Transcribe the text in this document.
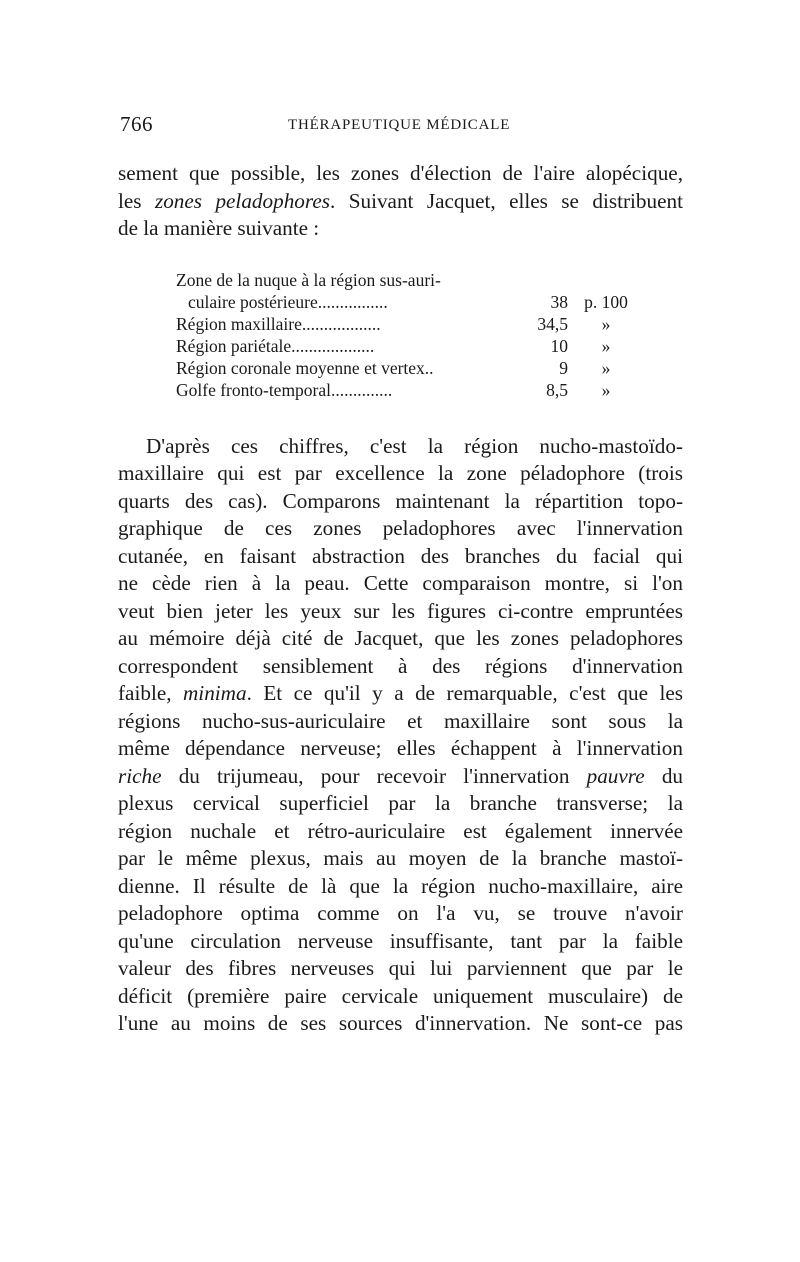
766	THÉRAPEUTIQUE MÉDICALE
sement que possible, les zones d'élection de l'aire alopécique,
les zones peladophores. Suivant Jacquet, elles se distribuent
de la manière suivante :
Zone de la nuque à la région sus-auri-
culaire postérieure................	38 p. 100
Région maxillaire..................	34,5	»
Région pariétale...................	10	»
Région coronale moyenne et vertex..	9	»
Golfe fronto-temporal..............	8,5	»
D'après ces chiffres, c'est la région nucho-mastoïdo-
maxillaire qui est par excellence la zone péladophore (trois
quarts des cas). Comparons maintenant la répartition topo-
graphique de ces zones peladophores avec l'innervation
cutanée, en faisant abstraction des branches du facial qui
ne cède rien à la peau. Cette comparaison montre, si l'on
veut bien jeter les yeux sur les figures ci-contre empruntées
au mémoire déjà cité de Jacquet, que les zones peladophores
correspondent sensiblement à des régions d'innervation
faible, minima. Et ce qu'il y a de remarquable, c'est que les
régions nucho-sus-auriculaire et maxillaire sont sous la
même dépendance nerveuse; elles échappent à l'innervation
riche du trijumeau, pour recevoir l'innervation pauvre du
plexus cervical superficiel par la branche transverse; la
région nuchale et rétro-auriculaire est également innervée
par le même plexus, mais au moyen de la branche mastoï-
dienne. Il résulte de là que la région nucho-maxillaire, aire
peladophore optima comme on l'a vu, se trouve n'avoir
qu'une circulation nerveuse insuffisante, tant par la faible
valeur des fibres nerveuses qui lui parviennent que par le
déficit (première paire cervicale uniquement musculaire) de
l'une au moins de ses sources d'innervation. Ne sont-ce pas
